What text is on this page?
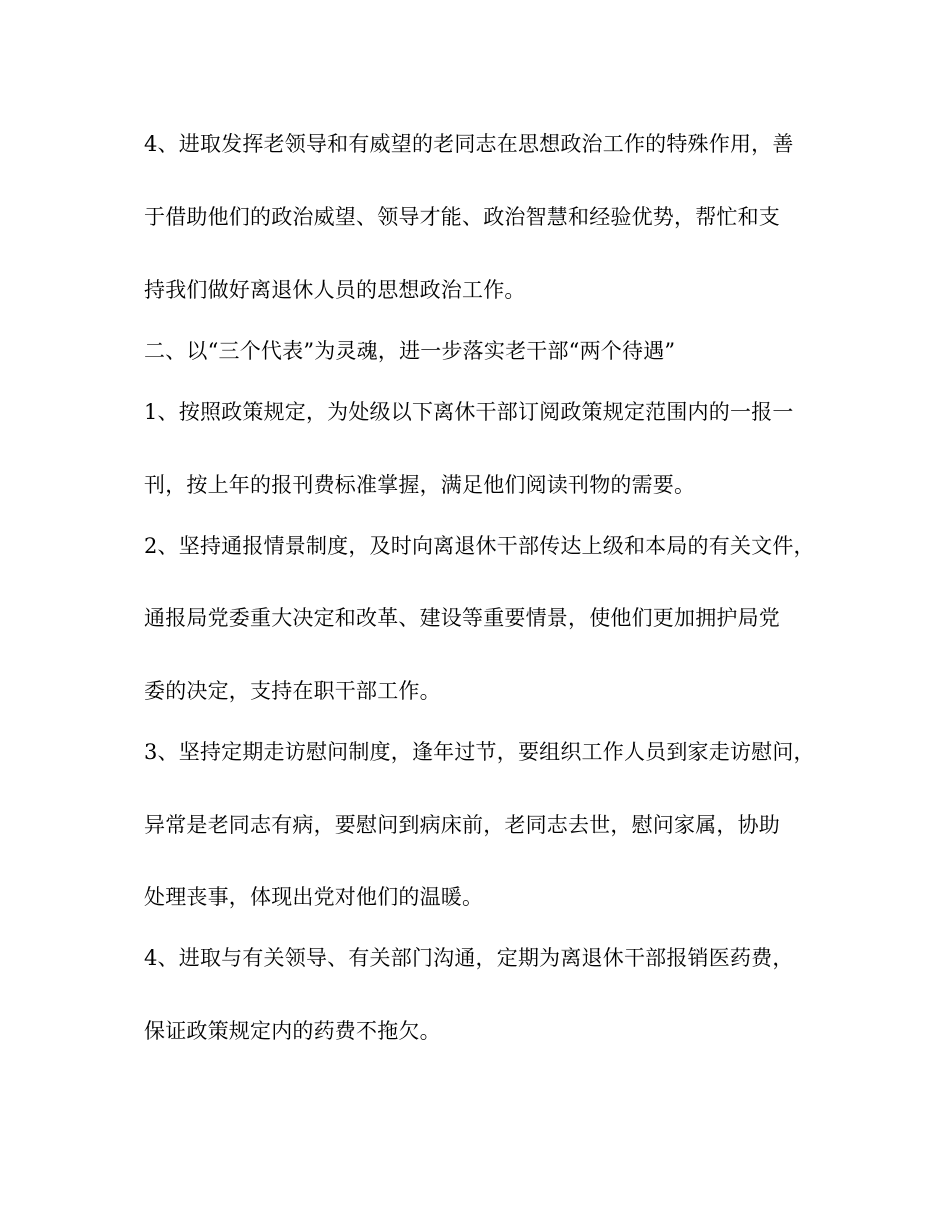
4、进取发挥老领导和有威望的老同志在思想政治工作的特殊作用，善
于借助他们的政治威望、领导才能、政治智慧和经验优势，帮忙和支
持我们做好离退休人员的思想政治工作。
二、以“三个代表”为灵魂，进一步落实老干部“两个待遇”
1、按照政策规定，为处级以下离休干部订阅政策规定范围内的一报一
刊，按上年的报刊费标准掌握，满足他们阅读刊物的需要。
2、坚持通报情景制度，及时向离退休干部传达上级和本局的有关文件，
通报局党委重大决定和改革、建设等重要情景，使他们更加拥护局党
委的决定，支持在职干部工作。
3、坚持定期走访慰问制度，逢年过节，要组织工作人员到家走访慰问，
异常是老同志有病，要慰问到病床前，老同志去世，慰问家属，协助
处理丧事，体现出党对他们的温暖。
4、进取与有关领导、有关部门沟通，定期为离退休干部报销医药费，
保证政策规定内的药费不拖欠。
